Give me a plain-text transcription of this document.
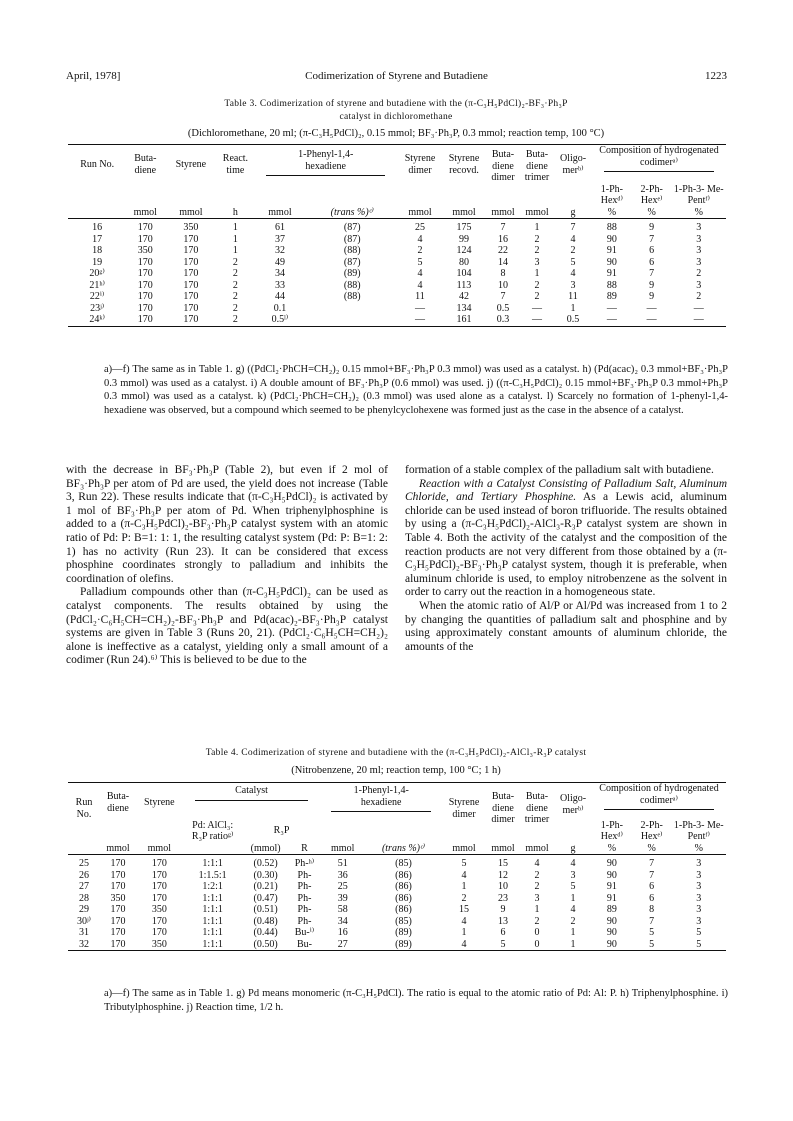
April, 1978]	Codimerization of Styrene and Butadiene	1223
Table 3. Codimerization of styrene and butadiene with the (π-C₃H₅PdCl)₂-BF₃·Ph₃P
catalyst in dichloromethane
(Dichloromethane, 20 ml; (π-C₃H₅PdCl)₂, 0.15 mmol; BF₃·Ph₃P, 0.3 mmol; reaction temp, 100 °C)
Run No.	Buta- diene	Styrene	React. time	1-Phenyl-1,4- hexadiene		Styrene dimer	Styrene recovd.	Buta- diene dimer	Buta- diene trimer	Oligo- merᵇ⁾	Composition of hydrogenated codimerᵃ⁾		

											1-Ph- Hexᵈ⁾	2-Ph- Hexᵉ⁾	1-Ph-3- Me-Pentᶠ⁾
	mmol	mmol	h	mmol	(trans %)ᶜ⁾	mmol	mmol	mmol	mmol	g	%	%	%
16	170	350	1	61	(87)	25	175	7	1	7	88	9	3
17	170	170	1	37	(87)	4	99	16	2	4	90	7	3
18	350	170	1	32	(88)	2	124	22	2	2	91	6	3
19	170	170	2	49	(87)	5	80	14	3	5	90	6	3
20ᵍ⁾	170	170	2	34	(89)	4	104	8	1	4	91	7	2
21ʰ⁾	170	170	2	33	(88)	4	113	10	2	3	88	9	3
22ⁱ⁾	170	170	2	44	(88)	11	42	7	2	11	89	9	2
23ʲ⁾	170	170	2	0.1		—	134	0.5	—	1	—	—	—
24ᵏ⁾	170	170	2	0.5ˡ⁾		—	161	0.3	—	0.5	—	—	—
a)—f) The same as in Table 1. g) ((PdCl₂·PhCH=CH₂)₂ 0.15 mmol+BF₃·Ph₃P 0.3 mmol) was used as a catalyst. h) (Pd(acac)₂ 0.3 mmol+BF₃·Ph₃P 0.3 mmol) was used as a catalyst. i) A double amount of BF₃·Ph₃P (0.6 mmol) was used. j) ((π-C₃H₅PdCl)₂ 0.15 mmol+BF₃·Ph₃P 0.3 mmol+Ph₃P 0.3 mmol) was used as a catalyst. k) (PdCl₂·PhCH=CH₂)₂ (0.3 mmol) was used alone as a catalyst. l) Scarcely no formation of 1-phenyl-1,4-hexadiene was observed, but a compound which seemed to be phenylcyclohexene was formed just as the case in the absence of a catalyst.

with the decrease in BF₃·Ph₃P (Table 2), but even if 2 mol of BF₃·Ph₃P per atom of Pd are used, the yield does not increase (Table 3, Run 22). These results indicate that (π-C₃H₅PdCl)₂ is activated by 1 mol of BF₃·Ph₃P per atom of Pd. When triphenylphosphine is added to a (π-C₃H₅PdCl)₂-BF₃·Ph₃P catalyst system with an atomic ratio of Pd: P: B=1: 1: 1, the resulting catalyst system (Pd: P: B=1: 2: 1) has no activity (Run 23). It can be considered that excess phosphine coordinates strongly to palladium and inhibits the coordination of olefins.

Palladium compounds other than (π-C₃H₅PdCl)₂ can be used as catalyst components. The results obtained by using the (PdCl₂·C₆H₅CH=CH₂)₂-BF₃·Ph₃P and Pd(acac)₂-BF₃·Ph₃P catalyst systems are given in Table 3 (Runs 20, 21). (PdCl₂·C₆H₅CH=CH₂)₂ alone is ineffective as a catalyst, yielding only a small amount of a codimer (Run 24).⁶⁾ This is believed to be due to the

formation of a stable complex of the palladium salt with butadiene.

Reaction with a Catalyst Consisting of Palladium Salt, Aluminum Chloride, and Tertiary Phosphine. As a Lewis acid, aluminum chloride can be used instead of boron trifluoride. The results obtained by using a (π-C₃H₅PdCl)₂-AlCl₃-R₃P catalyst system are shown in Table 4. Both the activity of the catalyst and the composition of the reaction products are not very different from those obtained by a (π-C₃H₅PdCl)₂-BF₃·Ph₃P catalyst system, though it is preferable, when aluminum chloride is used, to employ nitrobenzene as the solvent in order to carry out the reaction in a homogeneous state.

When the atomic ratio of Al/P or Al/Pd was increased from 1 to 2 by changing the quantities of palladium salt and phosphine and by using approximately constant amounts of aluminum chloride, the amounts of the

Table 4. Codimerization of styrene and butadiene with the (π-C₃H₅PdCl)₂-AlCl₃-R₃P catalyst
(Nitrobenzene, 20 ml; reaction temp, 100 °C; 1 h)
Run No.	Buta- diene	Styrene	Catalyst			1-Phenyl-1,4- hexadiene		Styrene dimer	Buta- diene dimer	Buta- diene trimer	Oligo- merᵇ⁾	Composition of hydrogenated codimerᵃ⁾		

			Pd: AlCl₃: R₃P ratioᵍ⁾	R₃P								1-Ph- Hexᵈ⁾	2-Ph- Hexᵉ⁾	1-Ph-3- Me-Pentᶠ⁾
	mmol	mmol		(mmol)	R	mmol	(trans %)ᶜ⁾	mmol	mmol	mmol	g	%	%	%
25	170	170	1:1:1	(0.52)	Ph-ʰ⁾	51	(85)	5	15	4	4	90	7	3
26	170	170	1:1.5:1	(0.30)	Ph-	36	(86)	4	12	2	3	90	7	3
27	170	170	1:2:1	(0.21)	Ph-	25	(86)	1	10	2	5	91	6	3
28	350	170	1:1:1	(0.47)	Ph-	39	(86)	2	23	3	1	91	6	3
29	170	350	1:1:1	(0.51)	Ph-	58	(86)	15	9	1	4	89	8	3
30ʲ⁾	170	170	1:1:1	(0.48)	Ph-	34	(85)	4	13	2	2	90	7	3
31	170	170	1:1:1	(0.44)	Bu-ⁱ⁾	16	(89)	1	6	0	1	90	5	5
32	170	350	1:1:1	(0.50)	Bu-	27	(89)	4	5	0	1	90	5	5
a)—f) The same as in Table 1. g) Pd means monomeric (π-C₃H₅PdCl). The ratio is equal to the atomic ratio of Pd: Al: P. h) Triphenylphosphine. i) Tributylphosphine. j) Reaction time, 1/2 h.
